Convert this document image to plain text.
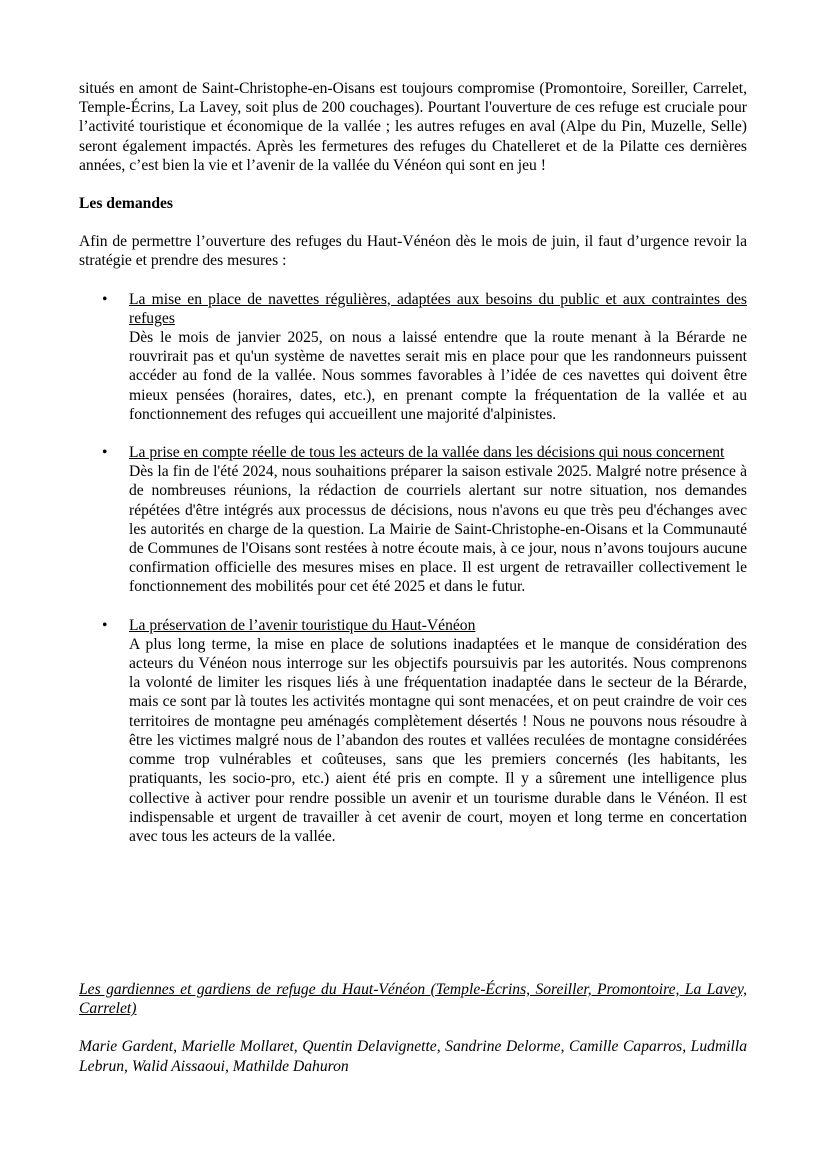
situés en amont de Saint-Christophe-en-Oisans est toujours compromise (Promontoire, Soreiller, Carrelet, Temple-Écrins, La Lavey, soit plus de 200 couchages). Pourtant l'ouverture de ces refuge est cruciale pour l’activité touristique et économique de la vallée ; les autres refuges en aval (Alpe du Pin, Muzelle, Selle) seront également impactés. Après les fermetures des refuges du Chatelleret et de la Pilatte ces dernières années, c’est bien la vie et l’avenir de la vallée du Vénéon qui sont en jeu !

Les demandes

Afin de permettre l’ouverture des refuges du Haut-Vénéon dès le mois de juin, il faut d’urgence revoir la stratégie et prendre des mesures :

• La mise en place de navettes régulières, adaptées aux besoins du public et aux contraintes des refuges
Dès le mois de janvier 2025, on nous a laissé entendre que la route menant à la Bérarde ne rouvrirait pas et qu'un système de navettes serait mis en place pour que les randonneurs puissent accéder au fond de la vallée. Nous sommes favorables à l’idée de ces navettes qui doivent être mieux pensées (horaires, dates, etc.), en prenant compte la fréquentation de la vallée et au fonctionnement des refuges qui accueillent une majorité d'alpinistes.
• La prise en compte réelle de tous les acteurs de la vallée dans les décisions qui nous concernent
Dès la fin de l'été 2024, nous souhaitions préparer la saison estivale 2025. Malgré notre présence à de nombreuses réunions, la rédaction de courriels alertant sur notre situation, nos demandes répétées d'être intégrés aux processus de décisions, nous n'avons eu que très peu d'échanges avec les autorités en charge de la question. La Mairie de Saint-Christophe-en-Oisans et la Communauté de Communes de l'Oisans sont restées à notre écoute mais, à ce jour, nous n’avons toujours aucune confirmation officielle des mesures mises en place. Il est urgent de retravailler collectivement le fonctionnement des mobilités pour cet été 2025 et dans le futur.
• La préservation de l’avenir touristique du Haut-Vénéon
A plus long terme, la mise en place de solutions inadaptées et le manque de considération des acteurs du Vénéon nous interroge sur les objectifs poursuivis par les autorités. Nous comprenons la volonté de limiter les risques liés à une fréquentation inadaptée dans le secteur de la Bérarde, mais ce sont par là toutes les activités montagne qui sont menacées, et on peut craindre de voir ces territoires de montagne peu aménagés complètement désertés ! Nous ne pouvons nous résoudre à être les victimes malgré nous de l’abandon des routes et vallées reculées de montagne considérées comme trop vulnérables et coûteuses, sans que les premiers concernés (les habitants, les pratiquants, les socio-pro, etc.) aient été pris en compte. Il y a sûrement une intelligence plus collective à activer pour rendre possible un avenir et un tourisme durable dans le Vénéon. Il est indispensable et urgent de travailler à cet avenir de court, moyen et long terme en concertation avec tous les acteurs de la vallée.

Les gardiennes et gardiens de refuge du Haut-Vénéon (Temple-Écrins, Soreiller, Promontoire, La Lavey, Carrelet)

Marie Gardent, Marielle Mollaret, Quentin Delavignette, Sandrine Delorme, Camille Caparros, Ludmilla Lebrun, Walid Aissaoui, Mathilde Dahuron
